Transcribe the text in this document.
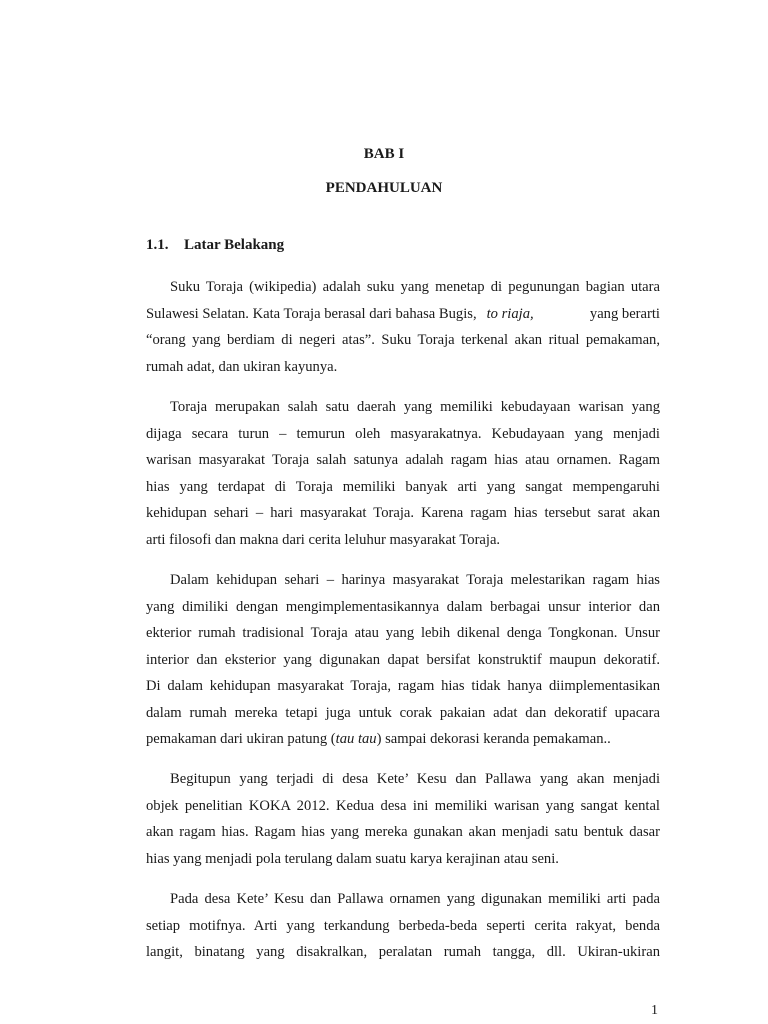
BAB I
PENDAHULUAN
1.1. Latar Belakang
Suku Toraja (wikipedia) adalah suku yang menetap di pegunungan bagian utara
Sulawesi Selatan. Kata Toraja berasal dari bahasa Bugis, to riaja,	yang berarti
“orang yang berdiam di negeri atas”. Suku Toraja terkenal akan ritual pemakaman,
rumah adat, dan ukiran kayunya.
Toraja merupakan salah satu daerah yang memiliki kebudayaan warisan yang
dijaga secara turun – temurun oleh masyarakatnya. Kebudayaan yang menjadi
warisan masyarakat Toraja salah satunya adalah ragam hias atau ornamen. Ragam
hias yang terdapat di Toraja memiliki banyak arti yang sangat mempengaruhi
kehidupan sehari – hari masyarakat Toraja. Karena ragam hias tersebut sarat akan
arti filosofi dan makna dari cerita leluhur masyarakat Toraja.
Dalam kehidupan sehari – harinya masyarakat Toraja melestarikan ragam hias
yang dimiliki dengan mengimplementasikannya dalam berbagai unsur interior dan
ekterior rumah tradisional Toraja atau yang lebih dikenal denga Tongkonan. Unsur
interior dan eksterior yang digunakan dapat bersifat konstruktif maupun dekoratif.
Di dalam kehidupan masyarakat Toraja, ragam hias tidak hanya diimplementasikan
dalam rumah mereka tetapi juga untuk corak pakaian adat dan dekoratif upacara
pemakaman dari ukiran patung (tau tau) sampai dekorasi keranda pemakaman..
Begitupun yang terjadi di desa Kete’ Kesu dan Pallawa yang akan menjadi
objek penelitian KOKA 2012. Kedua desa ini memiliki warisan yang sangat kental
akan ragam hias. Ragam hias yang mereka gunakan akan menjadi satu bentuk dasar
hias yang menjadi pola terulang dalam suatu karya kerajinan atau seni.
Pada desa Kete’ Kesu dan Pallawa ornamen yang digunakan memiliki arti pada
setiap motifnya. Arti yang terkandung berbeda-beda seperti cerita rakyat, benda
langit, binatang yang disakralkan, peralatan rumah tangga, dll. Ukiran-ukiran
1
